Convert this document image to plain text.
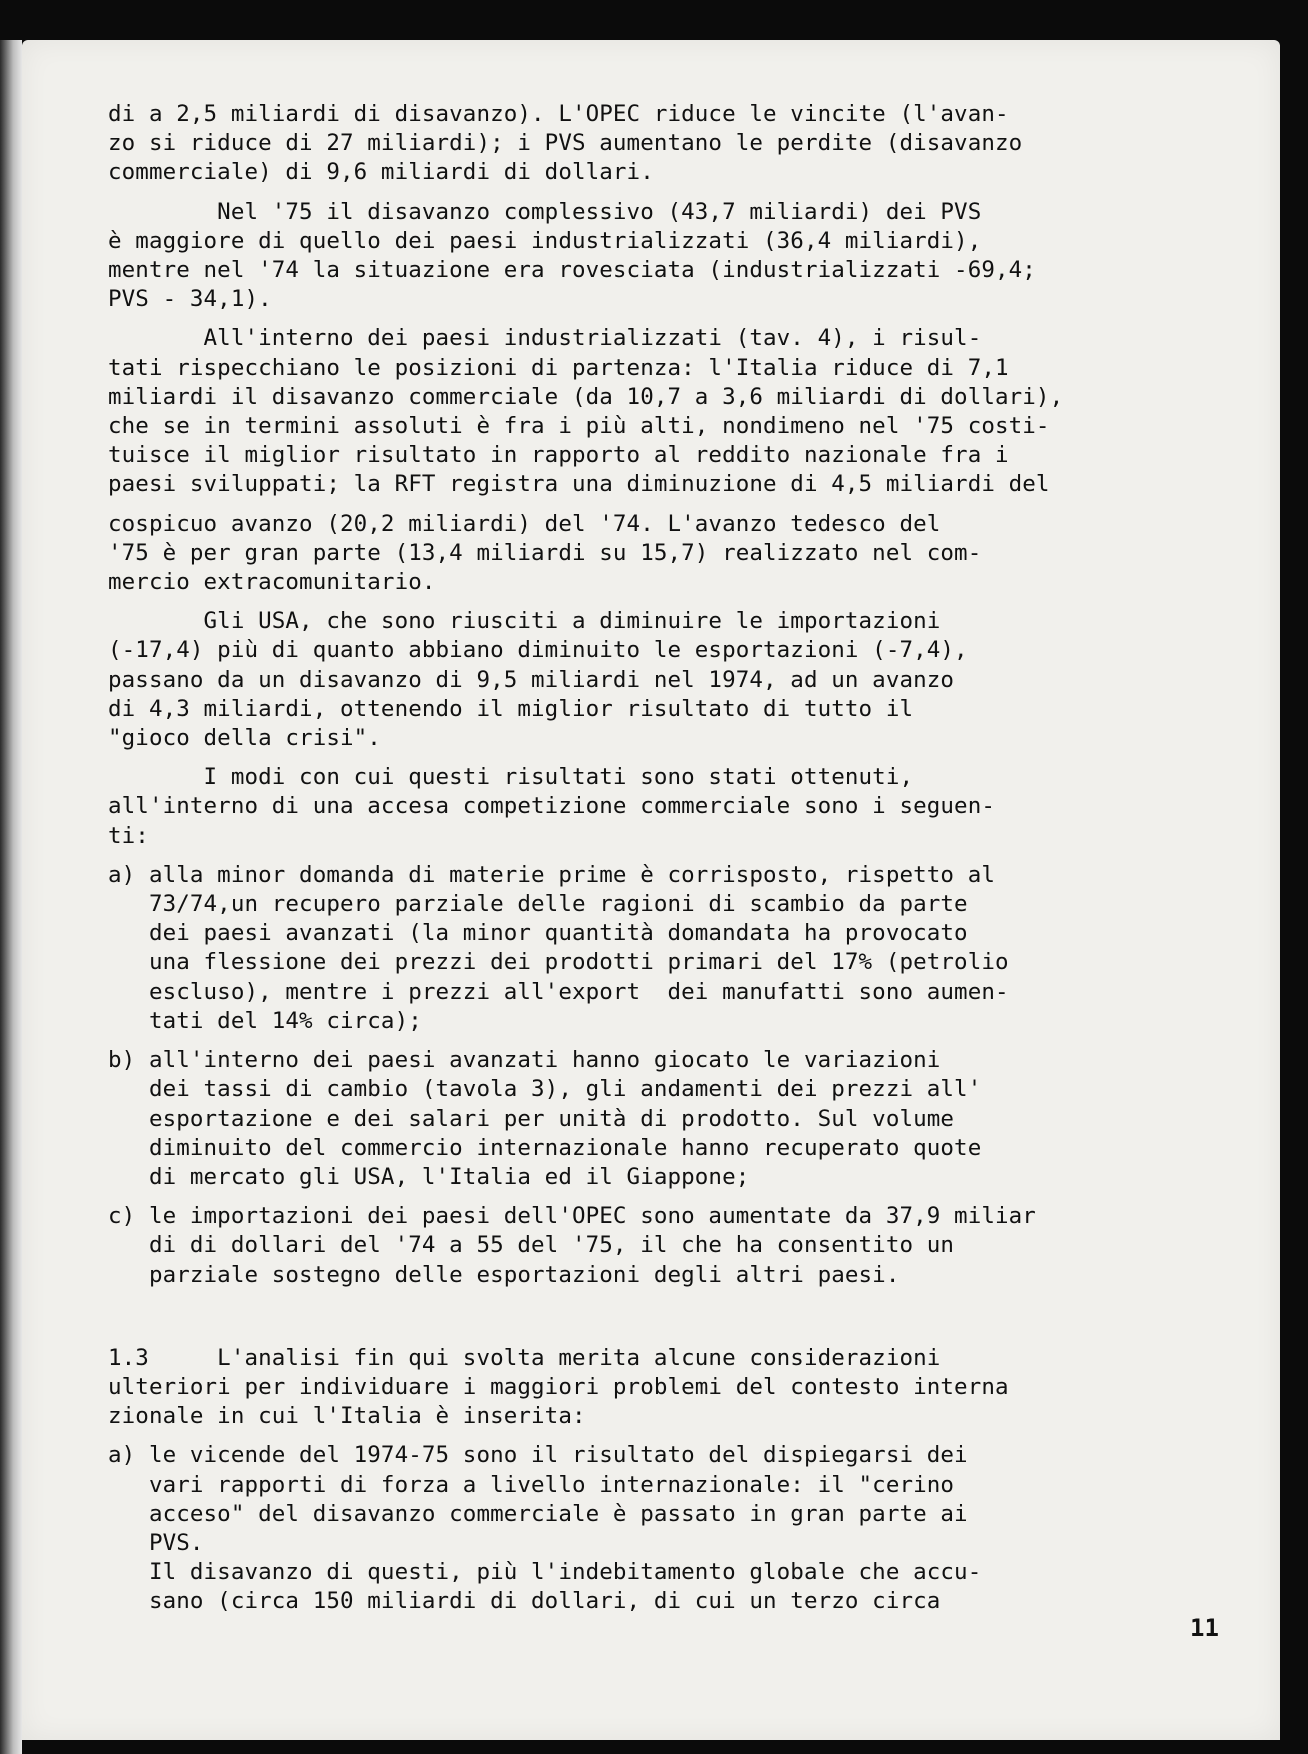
di a 2,5 miliardi di disavanzo). L'OPEC riduce le vincite (l'avan-

zo si riduce di 27 miliardi); i PVS aumentano le perdite (disavanzo

commerciale) di 9,6 miliardi di dollari.

Nel '75 il disavanzo complessivo (43,7 miliardi) dei PVS

è maggiore di quello dei paesi industrializzati (36,4 miliardi),

mentre nel '74 la situazione era rovesciata (industrializzati -69,4;

PVS - 34,1).

All'interno dei paesi industrializzati (tav. 4), i risul-

tati rispecchiano le posizioni di partenza: l'Italia riduce di 7,1

miliardi il disavanzo commerciale (da 10,7 a 3,6 miliardi di dollari),

che se in termini assoluti è fra i più alti, nondimeno nel '75 costi-

tuisce il miglior risultato in rapporto al reddito nazionale fra i

paesi sviluppati; la RFT registra una diminuzione di 4,5 miliardi del

cospicuo avanzo (20,2 miliardi) del '74. L'avanzo tedesco del

'75 è per gran parte (13,4 miliardi su 15,7) realizzato nel com-

mercio extracomunitario.

Gli USA, che sono riusciti a diminuire le importazioni

(-17,4) più di quanto abbiano diminuito le esportazioni (-7,4),

passano da un disavanzo di 9,5 miliardi nel 1974, ad un avanzo

di 4,3 miliardi, ottenendo il miglior risultato di tutto il

"gioco della crisi".

I modi con cui questi risultati sono stati ottenuti,

all'interno di una accesa competizione commerciale sono i seguen-

ti:

a) alla minor domanda di materie prime è corrisposto, rispetto al

73/74,un recupero parziale delle ragioni di scambio da parte

dei paesi avanzati (la minor quantità domandata ha provocato

una flessione dei prezzi dei prodotti primari del 17% (petrolio

escluso), mentre i prezzi all'export  dei manufatti sono aumen-

tati del 14% circa);

b) all'interno dei paesi avanzati hanno giocato le variazioni

dei tassi di cambio (tavola 3), gli andamenti dei prezzi all'

esportazione e dei salari per unità di prodotto. Sul volume

diminuito del commercio internazionale hanno recuperato quote

di mercato gli USA, l'Italia ed il Giappone;

c) le importazioni dei paesi dell'OPEC sono aumentate da 37,9 miliar

di di dollari del '74 a 55 del '75, il che ha consentito un

parziale sostegno delle esportazioni degli altri paesi.

1.3     L'analisi fin qui svolta merita alcune considerazioni

ulteriori per individuare i maggiori problemi del contesto interna

zionale in cui l'Italia è inserita:

a) le vicende del 1974-75 sono il risultato del dispiegarsi dei

vari rapporti di forza a livello internazionale: il "cerino

acceso" del disavanzo commerciale è passato in gran parte ai

PVS.

Il disavanzo di questi, più l'indebitamento globale che accu-

sano (circa 150 miliardi di dollari, di cui un terzo circa

11
